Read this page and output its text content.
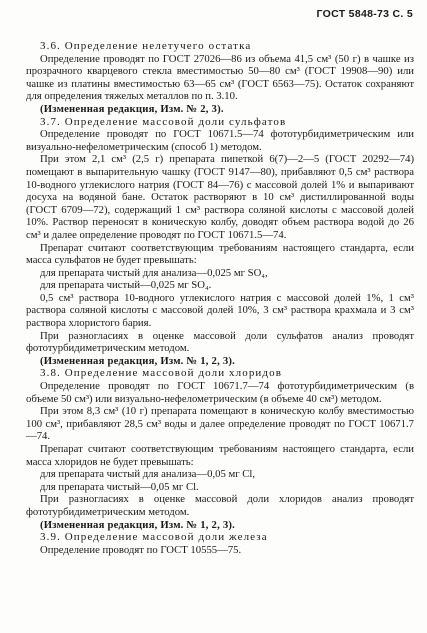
ГОСТ 5848-73 С. 5

3.6. Определение нелетучего остатка

Определение проводят по ГОСТ 27026—86 из объема 41,5 см³ (50 г) в чашке из прозрачного кварцевого стекла вместимостью 50—80 см³ (ГОСТ 19908—90) или чашке из платины вместимостью 63—65 см³ (ГОСТ 6563—75). Остаток сохраняют для определения тяжелых металлов по п. 3.10.

(Измененная редакция, Изм. № 2, 3).

3.7. Определение массовой доли сульфатов

Определение проводят по ГОСТ 10671.5—74 фототурбидиметрическим или визуально-нефелометрическим (способ 1) методом.

При этом 2,1 см³ (2,5 г) препарата пипеткой 6(7)—2—5 (ГОСТ 20292—74) помещают в выпарительную чашку (ГОСТ 9147—80), прибавляют 0,5 см³ раствора 10-водного углекислого натрия (ГОСТ 84—76) с массовой долей 1% и выпаривают досуха на водяной бане. Остаток растворяют в 10 см³ дистиллированной воды (ГОСТ 6709—72), содержащий 1 см³ раствора соляной кислоты с массовой долей 10%. Раствор переносят в коническую колбу, доводят объем раствора водой до 26 см³ и далее определение проводят по ГОСТ 10671.5—74.

Препарат считают соответствующим требованиям настоящего стандарта, если масса сульфатов не будет превышать:

для препарата чистый для анализа—0,025 мг SO₄,

для препарата чистый—0,025 мг SO₄.

0,5 см³ раствора 10-водного углекислого натрия с массовой долей 1%, 1 см³ раствора соляной кислоты с массовой долей 10%, 3 см³ раствора крахмала и 3 см³ раствора хлористого бария.

При разногласиях в оценке массовой доли сульфатов анализ проводят фототурбидиметрическим методом.

(Измененная редакция, Изм. № 1, 2, 3).

3.8. Определение массовой доли хлоридов

Определение проводят по ГОСТ 10671.7—74 фототурбидиметрическим (в объеме 50 см³) или визуально-нефелометрическим (в объеме 40 см³) методом.

При этом 8,3 см³ (10 г) препарата помещают в коническую колбу вместимостью 100 см³, прибавляют 28,5 см³ воды и далее определение проводят по ГОСТ 10671.7—74.

Препарат считают соответствующим требованиям настоящего стандарта, если масса хлоридов не будет превышать:

для препарата чистый для анализа—0,05 мг Cl,

для препарата чистый—0,05 мг Cl.

При разногласиях в оценке массовой доли хлоридов анализ проводят фототурбидиметрическим методом.

(Измененная редакция, Изм. № 1, 2, 3).

3.9. Определение массовой доли железа

Определение проводят по ГОСТ 10555—75.
